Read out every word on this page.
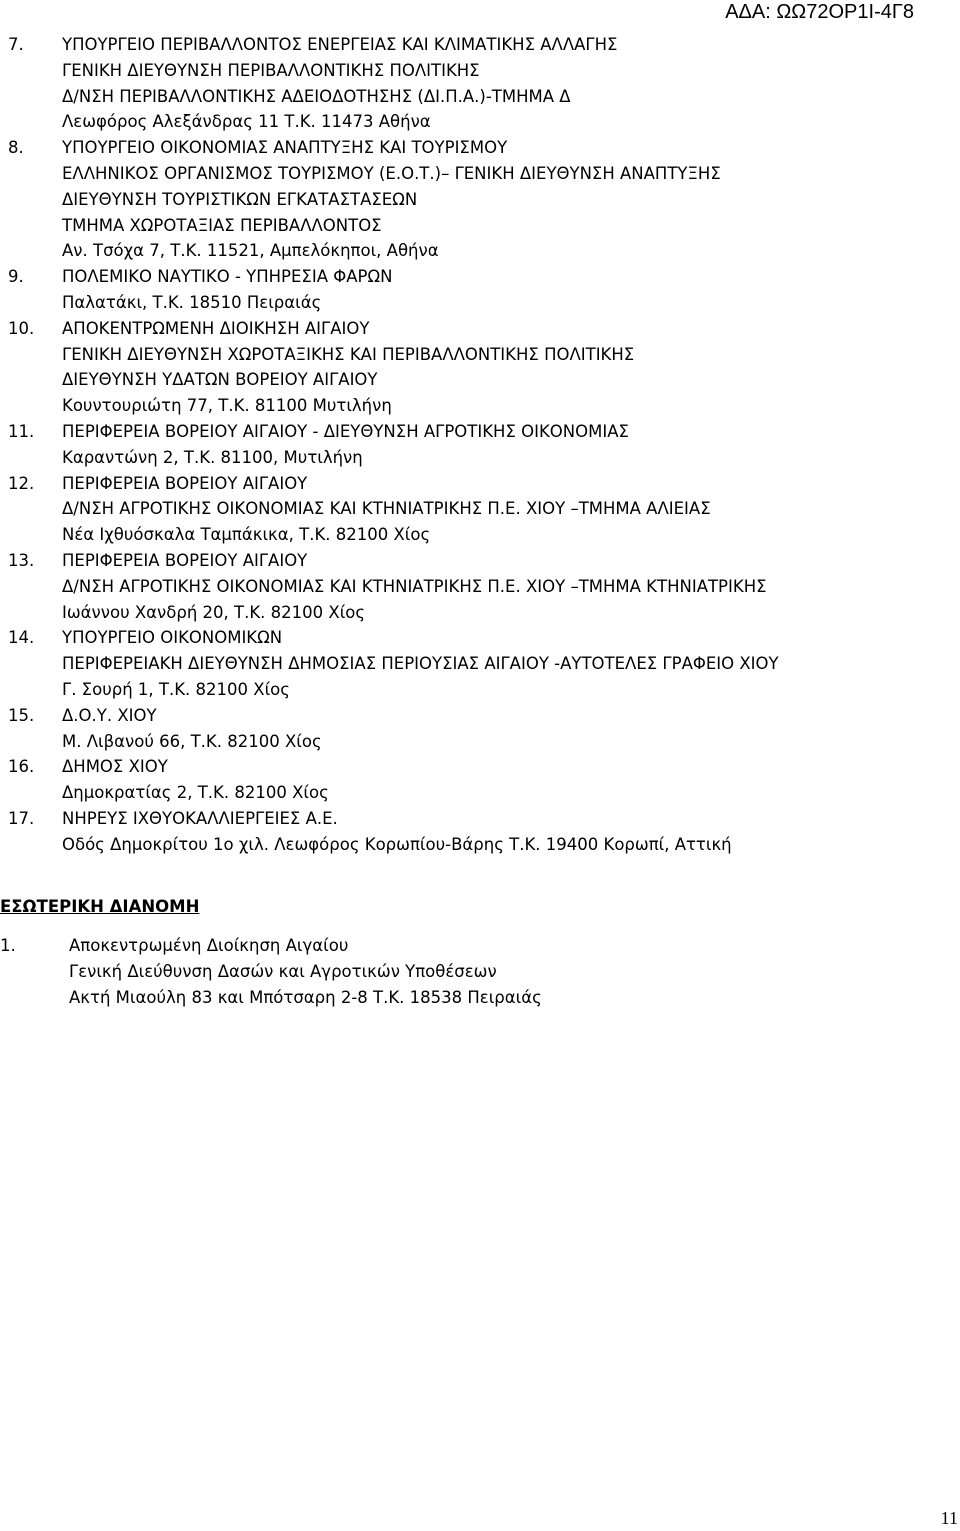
ΑΔΑ: ΩΩ72ΟΡ1Ι-4Γ8
7.	ΥΠΟΥΡΓΕΙΟ ΠΕΡΙΒΑΛΛΟΝΤΟΣ ΕΝΕΡΓΕΙΑΣ ΚΑΙ ΚΛΙΜΑΤΙΚΗΣ ΑΛΛΑΓΗΣ
ΓΕΝΙΚΗ ΔΙΕΥΘΥΝΣΗ ΠΕΡΙΒΑΛΛΟΝΤΙΚΗΣ ΠΟΛΙΤΙΚΗΣ
Δ/ΝΣΗ ΠΕΡΙΒΑΛΛΟΝΤΙΚΗΣ ΑΔΕΙΟΔΟΤΗΣΗΣ (ΔΙ.Π.Α.)-ΤΜΗΜΑ Δ
Λεωφόρος Αλεξάνδρας 11 Τ.Κ. 11473 Αθήνα
8.	ΥΠΟΥΡΓΕΙΟ ΟΙΚΟΝΟΜΙΑΣ ΑΝΑΠΤΥΞΗΣ ΚΑΙ ΤΟΥΡΙΣΜΟΥ
ΕΛΛΗΝΙΚΟΣ ΟΡΓΑΝΙΣΜΟΣ ΤΟΥΡΙΣΜΟΥ (Ε.Ο.Τ.)– ΓΕΝΙΚΗ ΔΙΕΥΘΥΝΣΗ ΑΝΑΠΤΥΞΗΣ
ΔΙΕΥΘΥΝΣΗ ΤΟΥΡΙΣΤΙΚΩΝ ΕΓΚΑΤΑΣΤΑΣΕΩΝ
ΤΜΗΜΑ ΧΩΡΟΤΑΞΙΑΣ ΠΕΡΙΒΑΛΛΟΝΤΟΣ
Αν. Τσόχα 7, Τ.Κ. 11521, Αμπελόκηποι, Αθήνα
9.	ΠΟΛΕΜΙΚΟ ΝΑΥΤΙΚΟ - ΥΠΗΡΕΣΙΑ ΦΑΡΩΝ
Παλατάκι, Τ.Κ. 18510 Πειραιάς
10.	ΑΠΟΚΕΝΤΡΩΜΕΝΗ ΔΙΟΙΚΗΣΗ ΑΙΓΑΙΟΥ
ΓΕΝΙΚΗ ΔΙΕΥΘΥΝΣΗ ΧΩΡΟΤΑΞΙΚΗΣ ΚΑΙ ΠΕΡΙΒΑΛΛΟΝΤΙΚΗΣ ΠΟΛΙΤΙΚΗΣ
ΔΙΕΥΘΥΝΣΗ ΥΔΑΤΩΝ ΒΟΡΕΙΟΥ ΑΙΓΑΙΟΥ
Κουντουριώτη 77, Τ.Κ. 81100 Μυτιλήνη
11.	ΠΕΡΙΦΕΡΕΙΑ ΒΟΡΕΙΟΥ ΑΙΓΑΙΟΥ - ΔΙΕΥΘΥΝΣΗ ΑΓΡΟΤΙΚΗΣ ΟΙΚΟΝΟΜΙΑΣ
Καραντώνη 2, Τ.Κ. 81100, Μυτιλήνη
12.	ΠΕΡΙΦΕΡΕΙΑ ΒΟΡΕΙΟΥ ΑΙΓΑΙΟΥ
Δ/ΝΣΗ ΑΓΡΟΤΙΚΗΣ ΟΙΚΟΝΟΜΙΑΣ ΚΑΙ ΚΤΗΝΙΑΤΡΙΚΗΣ Π.Ε. ΧΙΟΥ –ΤΜΗΜΑ ΑΛΙΕΙΑΣ
Νέα Ιχθυόσκαλα Ταμπάκικα, Τ.Κ. 82100 Χίος
13.	ΠΕΡΙΦΕΡΕΙΑ ΒΟΡΕΙΟΥ ΑΙΓΑΙΟΥ
Δ/ΝΣΗ ΑΓΡΟΤΙΚΗΣ ΟΙΚΟΝΟΜΙΑΣ ΚΑΙ ΚΤΗΝΙΑΤΡΙΚΗΣ Π.Ε. ΧΙΟΥ –ΤΜΗΜΑ ΚΤΗΝΙΑΤΡΙΚΗΣ
Ιωάννου Χανδρή 20, Τ.Κ. 82100 Χίος
14.	ΥΠΟΥΡΓΕΙΟ ΟΙΚΟΝΟΜΙΚΩΝ
ΠΕΡΙΦΕΡΕΙΑΚΗ ΔΙΕΥΘΥΝΣΗ ΔΗΜΟΣΙΑΣ ΠΕΡΙΟΥΣΙΑΣ ΑΙΓΑΙΟΥ -ΑΥΤΟΤΕΛΕΣ ΓΡΑΦΕΙΟ ΧΙΟΥ
Γ. Σουρή 1, Τ.Κ. 82100 Χίος
15.	Δ.Ο.Υ. ΧΙΟΥ
Μ. Λιβανού 66, Τ.Κ. 82100 Χίος
16.	ΔΗΜΟΣ ΧΙΟΥ
Δημοκρατίας 2, Τ.Κ. 82100 Χίος
17.	ΝΗΡΕΥΣ ΙΧΘΥΟΚΑΛΛΙΕΡΓΕΙΕΣ Α.Ε.
Οδός Δημοκρίτου 1ο χιλ. Λεωφόρος Κορωπίου-Βάρης Τ.Κ. 19400 Κορωπί, Αττική
ΕΣΩΤΕΡΙΚΗ ΔΙΑΝΟΜΗ
1.	Αποκεντρωμένη Διοίκηση Αιγαίου
Γενική Διεύθυνση Δασών και Αγροτικών Υποθέσεων
Ακτή Μιαούλη 83 και Μπότσαρη 2-8 Τ.Κ. 18538 Πειραιάς
11
